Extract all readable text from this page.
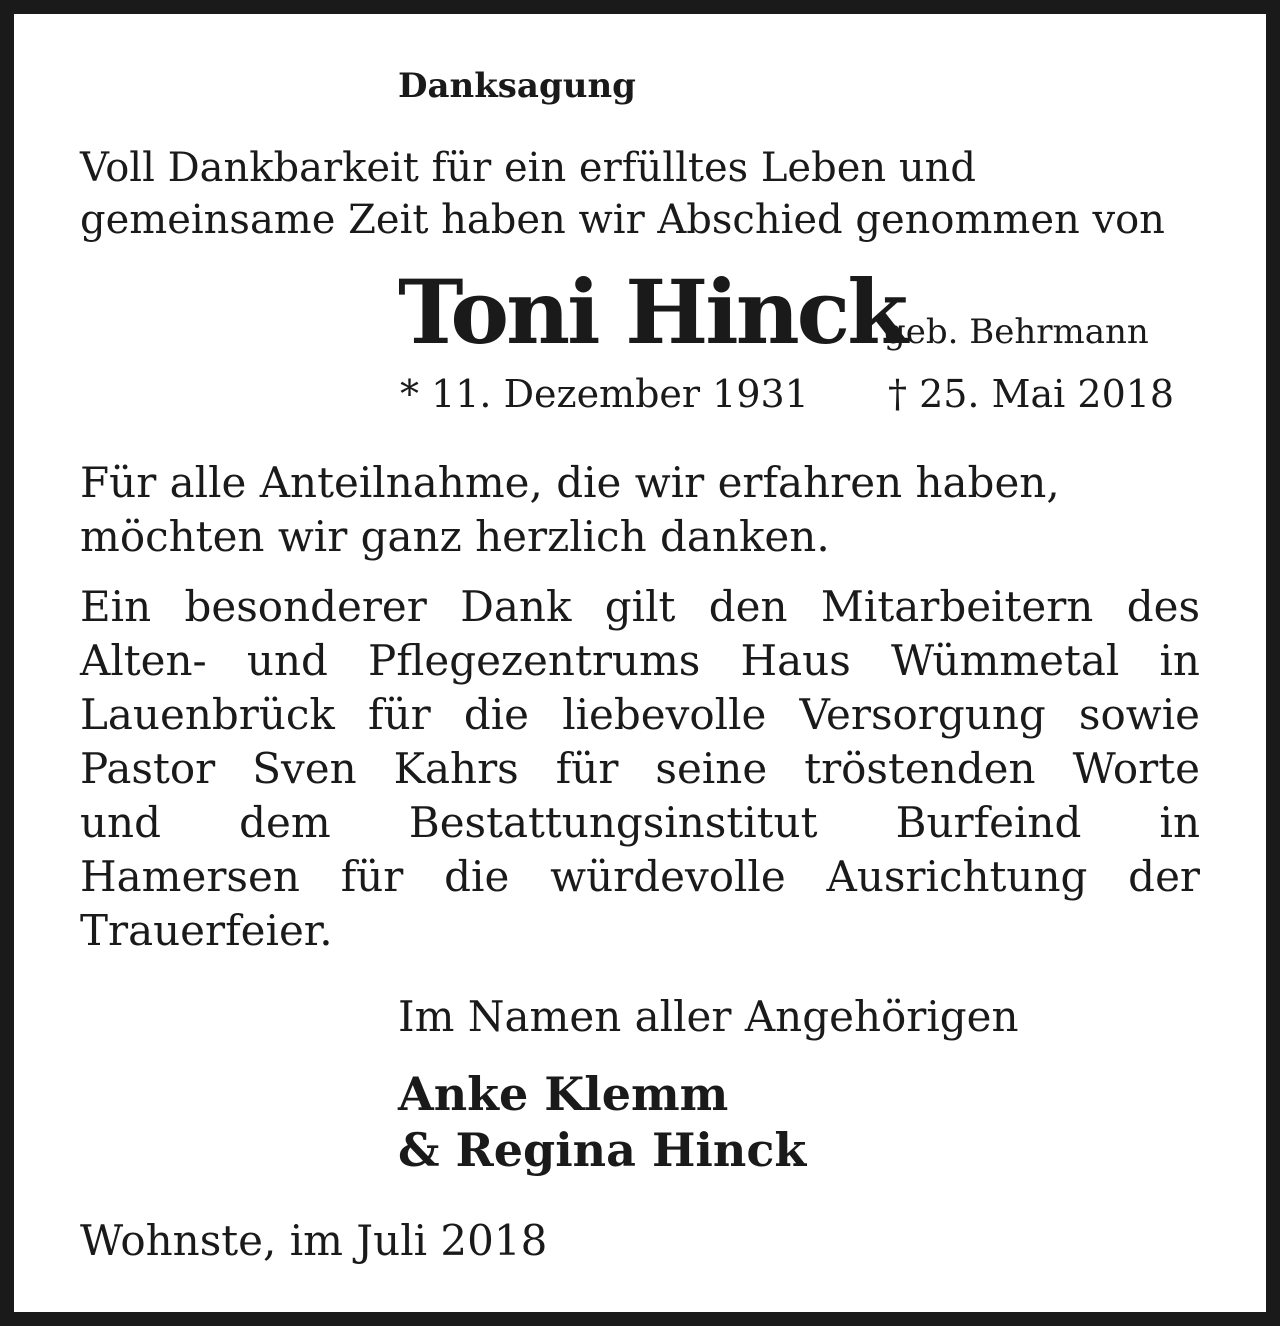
Danksagung
Voll Dankbarkeit für ein erfülltes Leben und
gemeinsame Zeit haben wir Abschied genommen von
Toni Hinck
geb. Behrmann
* 11. Dezember 1931 † 25. Mai 2018
Für alle Anteilnahme, die wir erfahren haben,
möchten wir ganz herzlich danken.
Ein besonderer Dank gilt den Mitarbeitern des
Alten- und Pflegezentrums Haus Wümmetal in
Lauenbrück für die liebevolle Versorgung sowie
Pastor Sven Kahrs für seine tröstenden Worte
und dem Bestattungsinstitut Burfeind in
Hamersen für die würdevolle Ausrichtung der
Trauerfeier.
Im Namen aller Angehörigen
Anke Klemm
& Regina Hinck
Wohnste, im Juli 2018
